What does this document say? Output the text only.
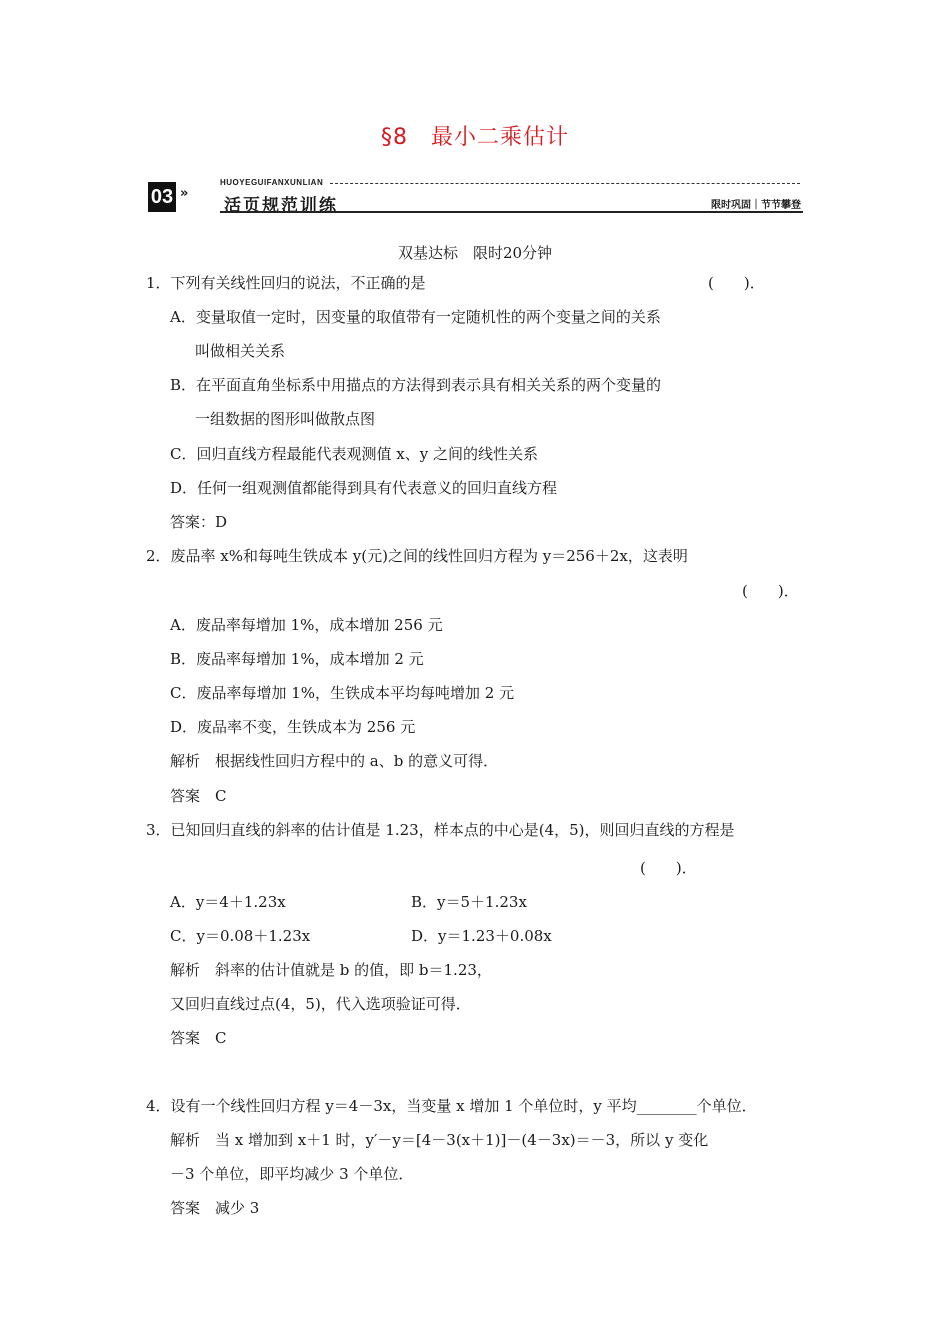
§8　最小二乘估计
03 »
HUOYEGUIFANXUNLIAN
活页规范训练	限时巩固｜节节攀登
双基达标　限时20分钟
1．下列有关线性回归的说法，不正确的是	(　　)．
A．变量取值一定时，因变量的取值带有一定随机性的两个变量之间的关系
叫做相关关系
B．在平面直角坐标系中用描点的方法得到表示具有相关关系的两个变量的
一组数据的图形叫做散点图
C．回归直线方程最能代表观测值 x、y 之间的线性关系
D．任何一组观测值都能得到具有代表意义的回归直线方程
答案：D
2．废品率 x%和每吨生铁成本 y(元)之间的线性回归方程为 y＝256＋2x，这表明
(　　)．
A．废品率每增加 1%，成本增加 256 元
B．废品率每增加 1%，成本增加 2 元
C．废品率每增加 1%，生铁成本平均每吨增加 2 元
D．废品率不变，生铁成本为 256 元
解析　根据线性回归方程中的 a、b 的意义可得．
答案　C
3．已知回归直线的斜率的估计值是 1.23，样本点的中心是(4，5)，则回归直线的方程是
(　　)．
A．y＝4＋1.23x	B．y＝5＋1.23x
C．y＝0.08＋1.23x	D．y＝1.23＋0.08x
解析　斜率的估计值就是 b 的值，即 b＝1.23，
又回归直线过点(4，5)，代入选项验证可得．
答案　C
4．设有一个线性回归方程 y＝4－3x，当变量 x 增加 1 个单位时，y 平均________个单位．
解析　当 x 增加到 x＋1 时，y′－y＝[4－3(x＋1)]－(4－3x)＝－3，所以 y 变化
－3 个单位，即平均减少 3 个单位．
答案　减少 3
